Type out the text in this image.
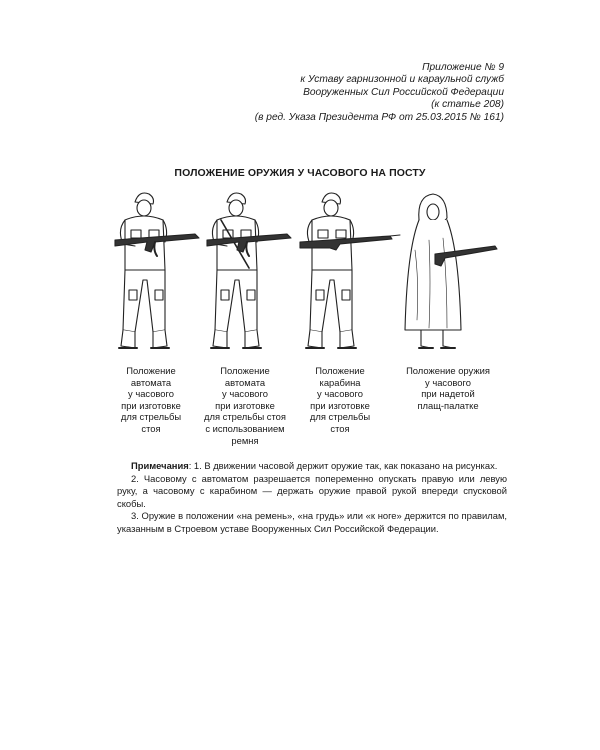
Приложение № 9
к Уставу гарнизонной и караульной служб
Вооруженных Сил Российской Федерации
(к статье 208)
(в ред. Указа Президента РФ от 25.03.2015 № 161)
ПОЛОЖЕНИЕ ОРУЖИЯ У ЧАСОВОГО НА ПОСТУ
Положение
автомата
у часового
при изготовке
для стрельбы
стоя
Положение
автомата
у часового
при изготовке
для стрельбы стоя
с использованием
ремня
Положение
карабина
у часового
при изготовке
для стрельбы
стоя
Положение оружия
у часового
при надетой
плащ-палатке

Примечания: 1. В движении часовой держит оружие так, как показано на рисунках.

2. Часовому с автоматом разрешается попеременно опускать правую или левую руку, а часовому с карабином — держать оружие правой рукой впереди спусковой скобы.

3. Оружие в положении «на ремень», «на грудь» или «к ноге» держится по правилам, указанным в Строевом уставе Вооруженных Сил Российской Федерации.
